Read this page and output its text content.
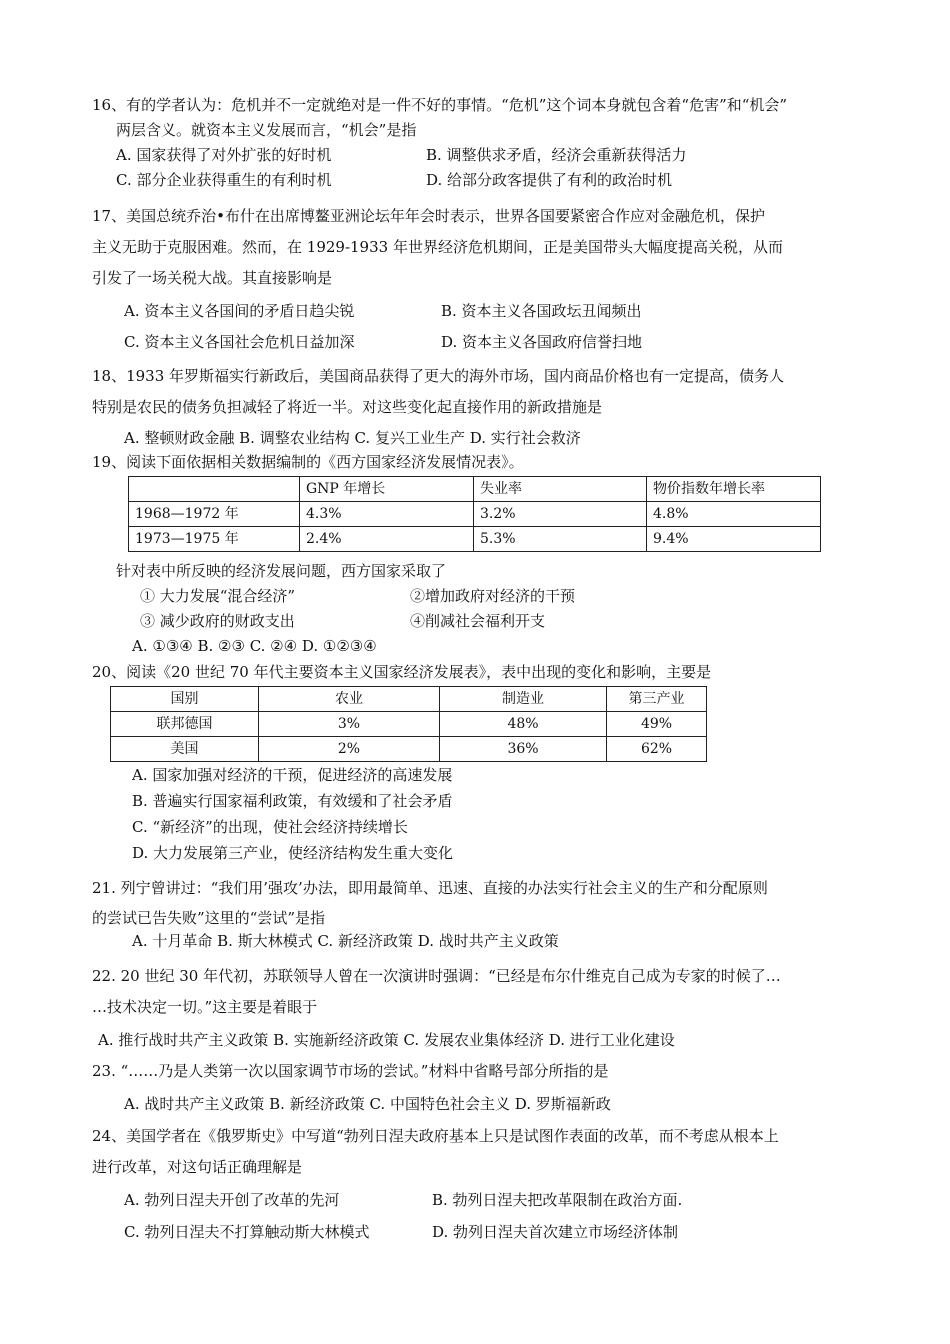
16、有的学者认为：危机并不一定就绝对是一件不好的事情。“危机”这个词本身就包含着“危害”和“机会”
两层含义。就资本主义发展而言，“机会”是指
A. 国家获得了对外扩张的好时机	B. 调整供求矛盾，经济会重新获得活力
C. 部分企业获得重生的有利时机	D. 给部分政客提供了有利的政治时机
17、美国总统乔治•布什在出席博鳌亚洲论坛年年会时表示，世界各国要紧密合作应对金融危机，保护
主义无助于克服困难。然而，在 1929-1933 年世界经济危机期间，正是美国带头大幅度提高关税，从而
引发了一场关税大战。其直接影响是
A. 资本主义各国间的矛盾日趋尖锐	B. 资本主义各国政坛丑闻频出
C. 资本主义各国社会危机日益加深	D. 资本主义各国政府信誉扫地
18、1933 年罗斯福实行新政后，美国商品获得了更大的海外市场，国内商品价格也有一定提高，债务人
特别是农民的债务负担减轻了将近一半。对这些变化起直接作用的新政措施是
A. 整顿财政金融 B. 调整农业结构 C. 复兴工业生产 D. 实行社会救济
19、阅读下面依据相关数据编制的《西方国家经济发展情况表》。
	GNP 年增长	失业率	物价指数年增长率
1968—1972 年	4.3%	3.2%	4.8%
1973—1975 年	2.4%	5.3%	9.4%
针对表中所反映的经济发展问题，西方国家采取了
① 大力发展“混合经济”	②增加政府对经济的干预
③ 减少政府的财政支出	④削减社会福利开支
A. ①③④ B. ②③ C. ②④ D. ①②③④
20、阅读《20 世纪 70 年代主要资本主义国家经济发展表》，表中出现的变化和影响，主要是
国别	农业	制造业	第三产业
联邦德国	3%	48%	49%
美国	2%	36%	62%
A. 国家加强对经济的干预，促进经济的高速发展
B. 普遍实行国家福利政策，有效缓和了社会矛盾
C. “新经济”的出现，使社会经济持续增长
D. 大力发展第三产业，使经济结构发生重大变化
21. 列宁曾讲过：“我们用’强攻’办法，即用最简单、迅速、直接的办法实行社会主义的生产和分配原则
的尝试已告失败”这里的“尝试”是指
A. 十月革命 B. 斯大林模式 C. 新经济政策 D. 战时共产主义政策
22. 20 世纪 30 年代初，苏联领导人曾在一次演讲时强调：“已经是布尔什维克自己成为专家的时候了…
…技术决定一切。”这主要是着眼于
A. 推行战时共产主义政策 B. 实施新经济政策 C. 发展农业集体经济 D. 进行工业化建设
23. “……乃是人类第一次以国家调节市场的尝试。”材料中省略号部分所指的是
A. 战时共产主义政策 B. 新经济政策 C. 中国特色社会主义 D. 罗斯福新政
24、美国学者在《俄罗斯史》中写道“勃列日涅夫政府基本上只是试图作表面的改革，而不考虑从根本上
进行改革，对这句话正确理解是
A. 勃列日涅夫开创了改革的先河	B. 勃列日涅夫把改革限制在政治方面.
C. 勃列日涅夫不打算触动斯大林模式	D. 勃列日涅夫首次建立市场经济体制
